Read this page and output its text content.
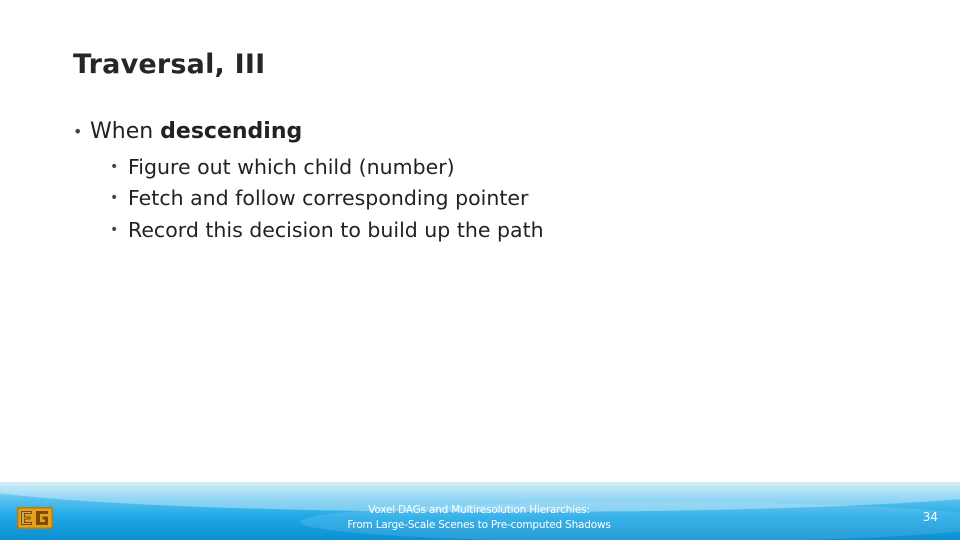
Traversal, III
• When descending
• Figure out which child (number)
• Fetch and follow corresponding pointer
• Record this decision to build up the path
Voxel DAGs and Multiresolution Hierarchies:
From Large-Scale Scenes to Pre-computed Shadows
34
